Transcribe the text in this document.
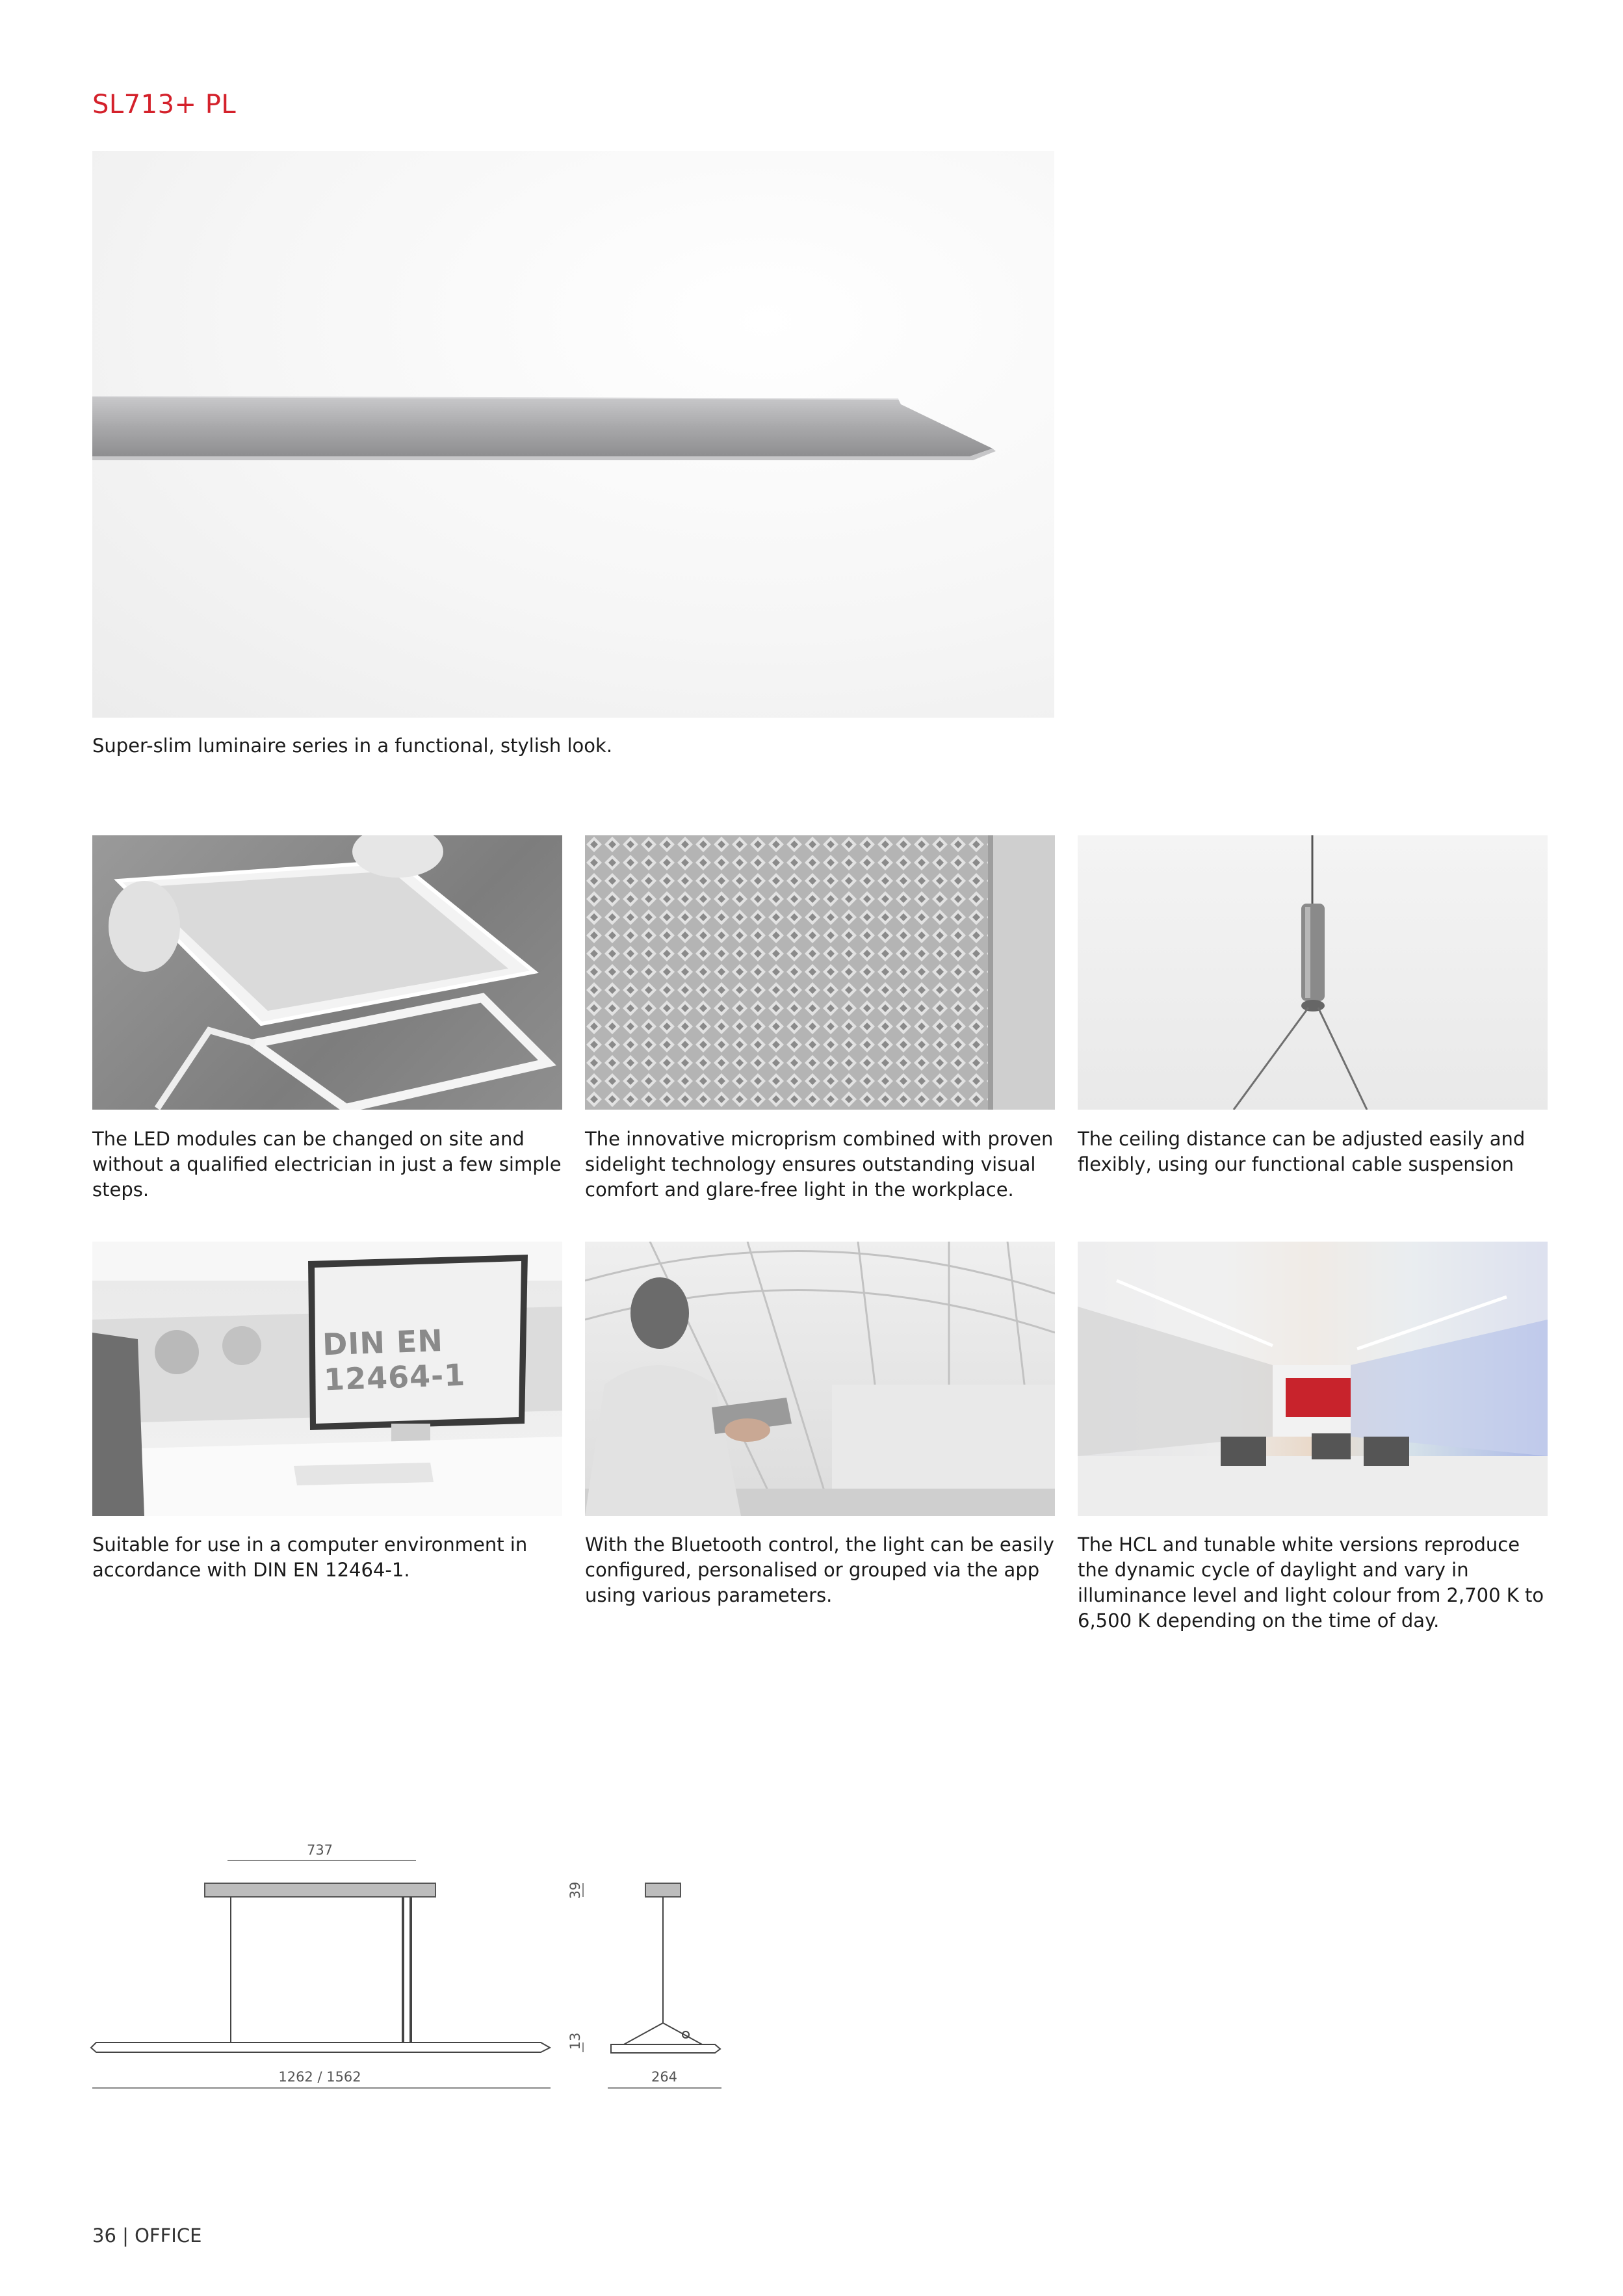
SL713+ PL
Super-slim luminaire series in a functional, stylish look.
The LED modules can be changed on site and without a qualified electrician in just a few simple steps.
The innovative microprism combined with proven sidelight technology ensures outstanding visual comfort and glare-free light in the workplace.
The ceiling distance can be adjusted easily and flexibly, using our functional cable suspension
DIN EN 12464-1
Suitable for use in a computer environment in accordance with DIN EN 12464-1.
With the Bluetooth control, the light can be easily configured, personalised or grouped via the app using various parameters.
The HCL and tunable white versions reproduce the dynamic cycle of daylight and vary in illuminance level and light colour from 2,700 K to 6,500 K depending on the time of day.
737
1262 / 1562
39
13
264
36 | OFFICE
